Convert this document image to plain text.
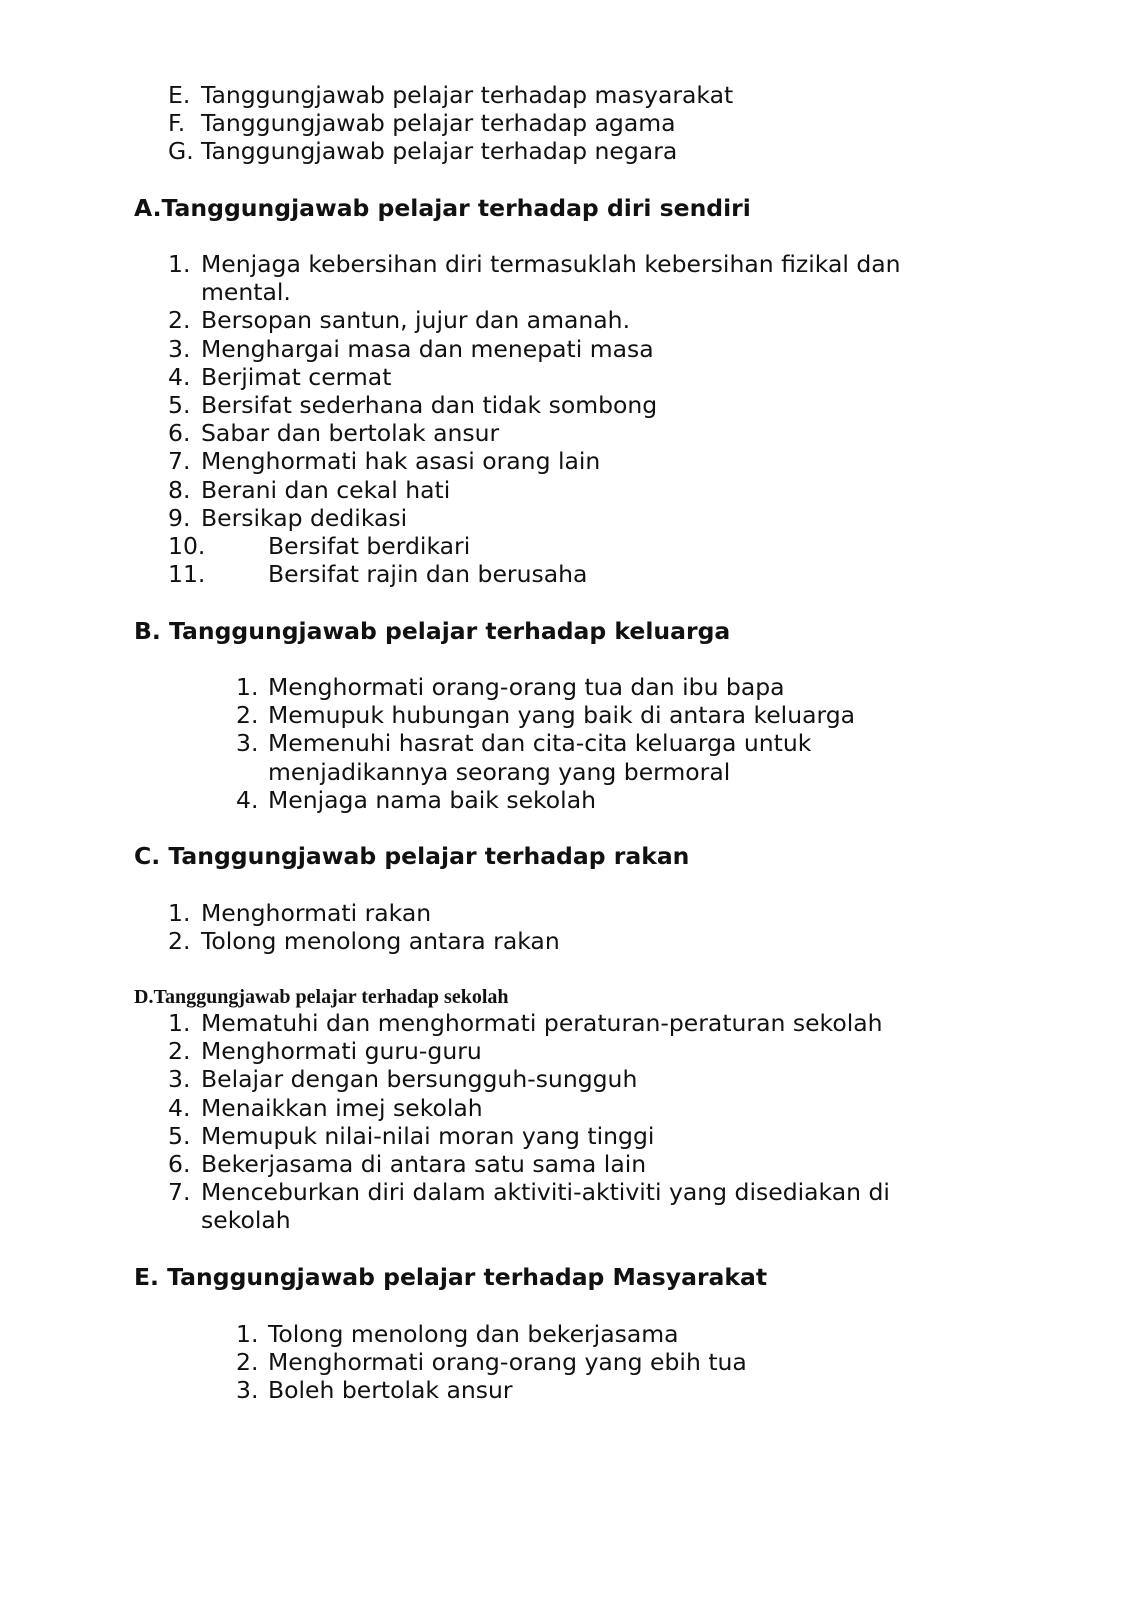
E. Tanggungjawab pelajar terhadap masyarakat
F. Tanggungjawab pelajar terhadap agama
G. Tanggungjawab pelajar terhadap negara
A.Tanggungjawab pelajar terhadap diri sendiri
1. Menjaga kebersihan diri termasuklah kebersihan fizikal dan
mental.
2. Bersopan santun, jujur dan amanah.
3. Menghargai masa dan menepati masa
4. Berjimat cermat
5. Bersifat sederhana dan tidak sombong
6. Sabar dan bertolak ansur
7. Menghormati hak asasi orang lain
8. Berani dan cekal hati
9. Bersikap dedikasi
10.	Bersifat berdikari
11.	Bersifat rajin dan berusaha
B. Tanggungjawab pelajar terhadap keluarga
1. Menghormati orang-orang tua dan ibu bapa
2. Memupuk hubungan yang baik di antara keluarga
3. Memenuhi hasrat dan cita-cita keluarga untuk
menjadikannya seorang yang bermoral
4. Menjaga nama baik sekolah
C. Tanggungjawab pelajar terhadap rakan
1. Menghormati rakan
2. Tolong menolong antara rakan
D.Tanggungjawab pelajar terhadap sekolah
1. Mematuhi dan menghormati peraturan-peraturan sekolah
2. Menghormati guru-guru
3. Belajar dengan bersungguh-sungguh
4. Menaikkan imej sekolah
5. Memupuk nilai-nilai moran yang tinggi
6. Bekerjasama di antara satu sama lain
7. Menceburkan diri dalam aktiviti-aktiviti yang disediakan di
sekolah
E. Tanggungjawab pelajar terhadap Masyarakat
1. Tolong menolong dan bekerjasama
2. Menghormati orang-orang yang ebih tua
3. Boleh bertolak ansur
